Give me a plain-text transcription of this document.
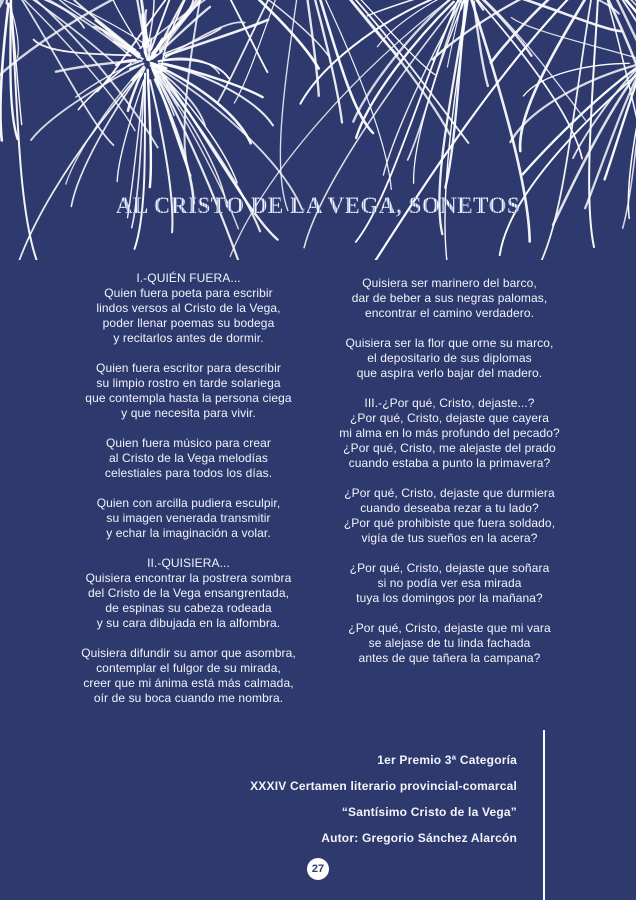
AL CRISTO DE LA VEGA, SONETOS
I.-QUIÉN FUERA...
Quien fuera poeta para escribir
lindos versos al Cristo de la Vega,
poder llenar poemas su bodega
y recitarlos antes de dormir.
Quien fuera escritor para describir
su limpio rostro en tarde solariega
que contempla hasta la persona ciega
y que necesita para vivir.
Quien fuera músico para crear
al Cristo de la Vega melodías
celestiales para todos los días.
Quien con arcilla pudiera esculpir,
su imagen venerada transmitir
y echar la imaginación a volar.
II.-QUISIERA...
Quisiera encontrar la postrera sombra
del Cristo de la Vega ensangrentada,
de espinas su cabeza rodeada
y su cara dibujada en la alfombra.
Quisiera difundir su amor que asombra,
contemplar el fulgor de su mirada,
creer que mi ánima está más calmada,
oír de su boca cuando me nombra.
Quisiera ser marinero del barco,
dar de beber a sus negras palomas,
encontrar el camino verdadero.
Quisiera ser la flor que orne su marco,
el depositario de sus diplomas
que aspira verlo bajar del madero.
III.-¿Por qué, Cristo, dejaste...?
¿Por qué, Cristo, dejaste que cayera
mi alma en lo más profundo del pecado?
¿Por qué, Cristo, me alejaste del prado
cuando estaba a punto la primavera?
¿Por qué, Cristo, dejaste que durmiera
cuando deseaba rezar a tu lado?
¿Por qué prohibiste que fuera soldado,
vigía de tus sueños en la acera?
¿Por qué, Cristo, dejaste que soñara
si no podía ver esa mirada
tuya los domingos por la mañana?
¿Por qué, Cristo, dejaste que mi vara
se alejase de tu linda fachada
antes de que tañera la campana?
1er Premio 3ª Categoría
XXXIV Certamen literario provincial-comarcal
“Santísimo Cristo de la Vega”
Autor: Gregorio Sánchez Alarcón
27
